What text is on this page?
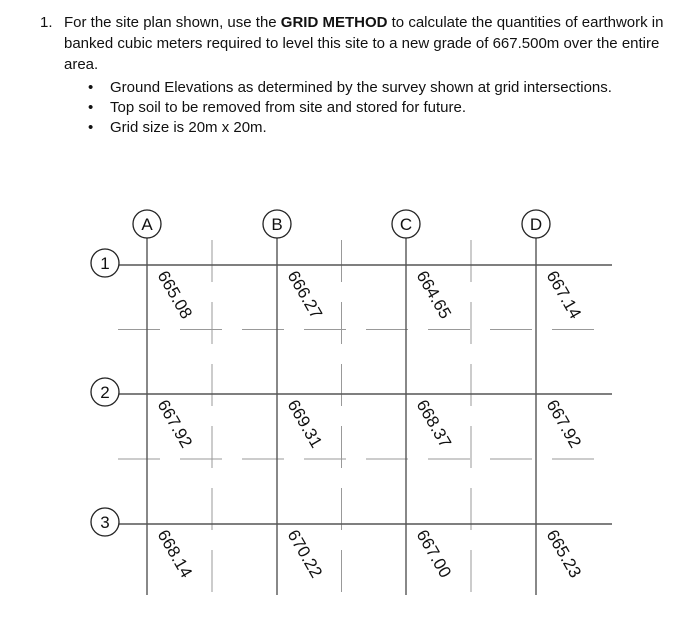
1. For the site plan shown, use the GRID METHOD to calculate the quantities of earthwork in banked cubic meters required to level this site to a new grade of 667.500m over the entire area.
• Ground Elevations as determined by the survey shown at grid intersections.
• Top soil to be removed from site and stored for future.
• Grid size is 20m x 20m.
A	B	C	D
1
2
3
665.08	666.27	664.65	667.14
667.92	669.31	668.37	667.92
668.14	670.22	667.00	665.23
